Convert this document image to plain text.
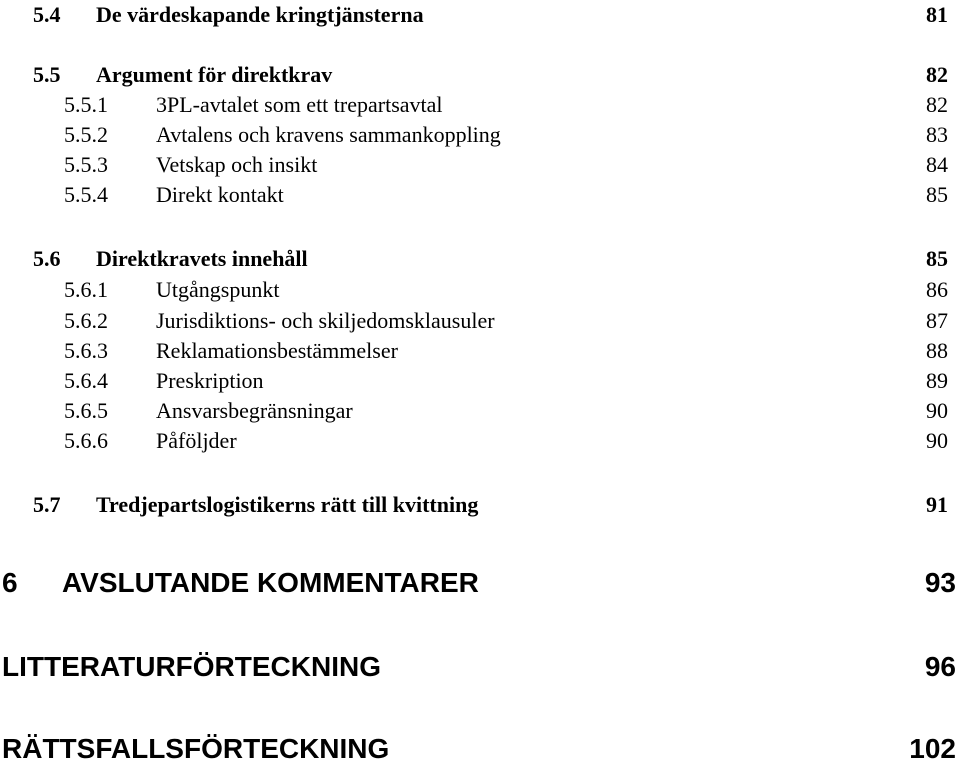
5.4 De värdeskapande kringtjänsterna	81
5.5 Argument för direktkrav	82
5.5.1 3PL-avtalet som ett trepartsavtal	82
5.5.2 Avtalens och kravens sammankoppling	83
5.5.3 Vetskap och insikt	84
5.5.4 Direkt kontakt	85
5.6 Direktkravets innehåll	85
5.6.1 Utgångspunkt	86
5.6.2 Jurisdiktions- och skiljedomsklausuler	87
5.6.3 Reklamationsbestämmelser	88
5.6.4 Preskription	89
5.6.5 Ansvarsbegränsningar	90
5.6.6 Påföljder	90
5.7 Tredjepartslogistikerns rätt till kvittning	91
6 AVSLUTANDE KOMMENTARER	93
LITTERATURFÖRTECKNING	96
RÄTTSFALLSFÖRTECKNING	102
